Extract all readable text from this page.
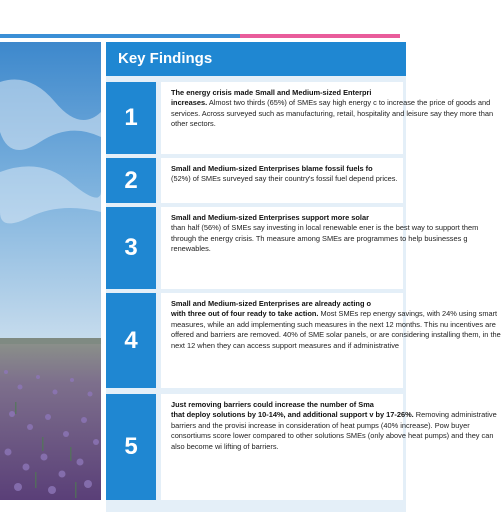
Key Findings
1

The energy crisis made Small and Medium-sized Enterpri
increases. Almost two thirds (65%) of SMEs say high energy c to increase the price of goods and services. Across surveyed such as manufacturing, retail, hospitality and leisure say they more than other sectors.

2	Small and Medium-sized Enterprises blame fossil fuels fo
(52%) of SMEs surveyed say their country's fossil fuel depend prices.

3

Small and Medium-sized Enterprises support more solar
than half (56%) of SMEs say investing in local renewable ener is the best way to support them through the energy crisis. Th measure among SMEs are programmes to help businesses g renewables.

4

Small and Medium-sized Enterprises are already acting o
with three out of four ready to take action. Most SMEs rep energy savings, with 24% using smart measures, while an add implementing such measures in the next 12 months. This nu incentives are offered and barriers are removed. 40% of SME solar panels, or are considering installing them, in the next 12 when they can access support measures and if administrative

5

Just removing barriers could increase the number of Sma
that deploy solutions by 10-14%, and additional support v by 17-26%. Removing administrative barriers and the provisi increase in consideration of heat pumps (40% increase). Pow buyer consortiums score lower compared to other solutions SMEs (only above heat pumps) and they can also become wi lifting of barriers.
